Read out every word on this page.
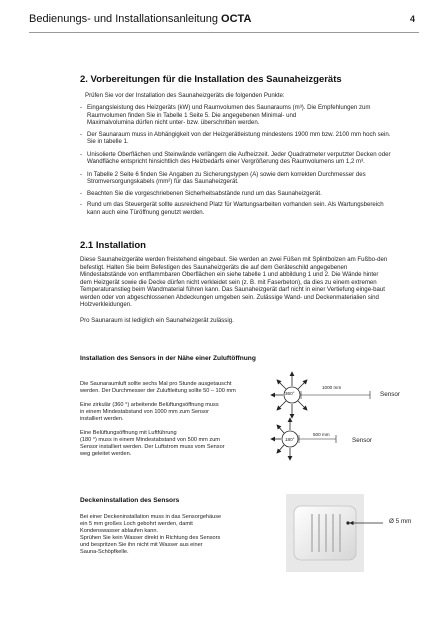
Bedienungs- und Installationsanleitung OCTA	4
2. Vorbereitungen für die Installation des Saunaheizgeräts
Prüfen Sie vor der Installation des Saunaheizgeräts die folgenden Punkte:
- Eingangsleistung des Heizgeräts (kW) und Raumvolumen des Saunaraums (m³). Die Empfehlungen zum
Raumvolumen finden Sie in Tabelle 1 Seite 5. Die angegebenen Minimal- und
Maximalvolumina dürfen nicht unter- bzw. überschritten werden.
- Der Saunaraum muss in Abhängigkeit von der Heizgerätleistung mindestens 1900 mm bzw. 2100 mm hoch sein.
Sie in tabelle 1.
- Unisolierte Oberflächen und Steinwände verlängern die Aufheizzeit. Jeder Quadratmeter verputzter Decken oder
Wandfläche entspricht hinsichtlich des Heizbedarfs einer Vergrößerung des Raumvolumens um 1,2 m³.
- In Tabelle 2 Seite 6 finden Sie Angaben zu Sicherungstypen (A) sowie dem korrekten Durchmesser des
Stromversorgungskabels (mm²) für das Saunaheizgerät.
- Beachten Sie die vorgeschriebenen Sicherheitsabstände rund um das Saunaheizgerät.
- Rund um das Steuergerät sollte ausreichend Platz für Wartungsarbeiten vorhanden sein. Als Wartungsbereich
kann auch eine Türöffnung genutzt werden.
2.1 Installation
Diese Saunaheizgeräte werden freistehend eingebaut. Sie werden an zwei Füßen mit Splintbolzen am Fußbo-den
befestigt. Halten Sie beim Befestigen des Saunaheizgeräts die auf dem Geräteschild angegebenen
Mindestabstände von entflammbaren Oberflächen ein siehe tabelle 1 und abbildung 1 und 2. Die Wände hinter
dem Heizgerät sowie die Decke dürfen nicht verkleidet sein (z. B. mit Faserbeton), da dies zu einem extremen
Temperaturanstieg beim Wandmaterial führen kann. Das Saunaheizgerät darf nicht in einer Vertiefung einge-baut
werden oder von abgeschlossenen Abdeckungen umgeben sein. Zulässige Wand- und Deckenmaterialien sind
Holzverkleidungen.
Pro Saunaraum ist lediglich ein Saunaheizgerät zulässig.
Installation des Sensors in der Nähe einer Zuluftöffnung
Die Saunaraumluft sollte sechs Mal pro Stunde ausgetauscht
werden. Der Durchmesser der Zuluftleitung sollte 50 – 100 mm
Eine zirkulär (360 °) arbeitende Belüftungsöffnung muss
in einem Mindestabstand von 1000 mm zum Sensor
installiert werden.
Eine Belüftungsöffnung mit Luftführung
(180 °) muss in einem Mindestabstand von 500 mm zum
Sensor installiert werden. Der Luftstrom muss vom Sensor
weg geleitet werden.
360°
1000 mm
Sensor
180°
500 mm
Sensor
Deckeninstallation des Sensors
Bei einer Deckeninstallation muss in das Sensorgehäuse
ein 5 mm großes Loch gebohrt werden, damit
Kondenswasser ablaufen kann.
Sprühen Sie kein Wasser direkt in Richtung des Sensors
und bespritzen Sie ihn nicht mit Wasser aus einer
Sauna-Schöpfkelle.
Ø 5 mm
